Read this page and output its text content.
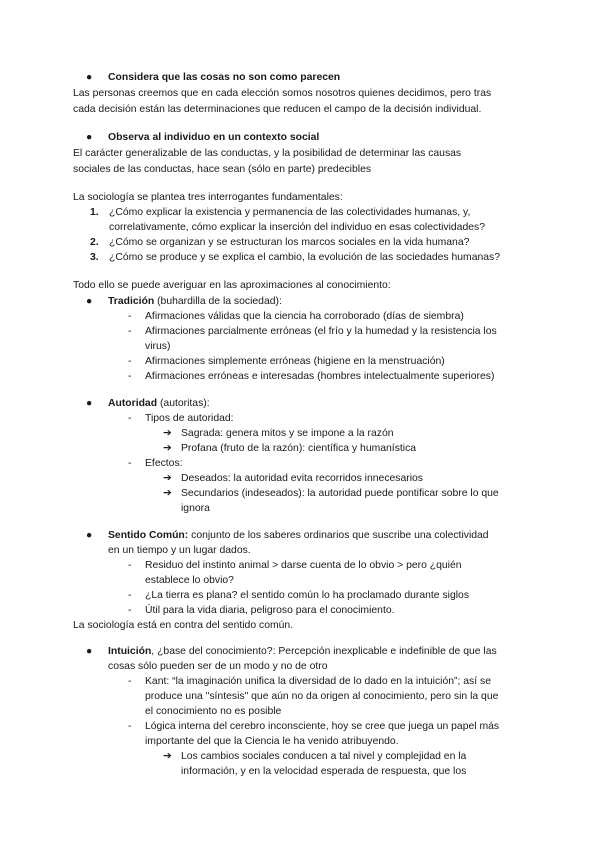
● Considera que las cosas no son como parecen
Las personas creemos que en cada elección somos nosotros quienes decidimos, pero tras
cada decisión están las determinaciones que reducen el campo de la decisión individual.
● Observa al individuo en un contexto social
El carácter generalizable de las conductas, y la posibilidad de determinar las causas
sociales de las conductas, hace sean (sólo en parte) predecibles
La sociología se plantea tres interrogantes fundamentales:
1. ¿Cómo explicar la existencia y permanencia de las colectividades humanas, y,
correlativamente, cómo explicar la inserción del individuo en esas colectividades?
2. ¿Cómo se organizan y se estructuran los marcos sociales en la vida humana?
3. ¿Cómo se produce y se explica el cambio, la evolución de las sociedades humanas?
Todo ello se puede averiguar en las aproximaciones al conocimiento:
● Tradición (buhardilla de la sociedad):
- Afirmaciones válidas que la ciencia ha corroborado (días de siembra)
- Afirmaciones parcialmente erróneas (el frío y la humedad y la resistencia los
virus)
- Afirmaciones simplemente erróneas (higiene en la menstruación)
- Afirmaciones erróneas e interesadas (hombres intelectualmente superiores)
● Autoridad (autoritas):
- Tipos de autoridad:
➔ Sagrada: genera mitos y se impone a la razón
➔ Profana (fruto de la razón): científica y humanística
- Efectos:
➔ Deseados: la autoridad evita recorridos innecesarios
➔ Secundarios (indeseados): la autoridad puede pontificar sobre lo que
ignora
● Sentido Común: conjunto de los saberes ordinarios que suscribe una colectividad
en un tiempo y un lugar dados.
- Residuo del instinto animal > darse cuenta de lo obvio > pero ¿quién
establece lo obvio?
- ¿La tierra es plana? el sentido común lo ha proclamado durante siglos
- Útil para la vida diaria, peligroso para el conocimiento.
La sociología está en contra del sentido común.
● Intuición, ¿base del conocimiento?: Percepción inexplicable e indefinible de que las
cosas sólo pueden ser de un modo y no de otro
- Kant: “la imaginación unifica la diversidad de lo dado en la intuición”; así se
produce una "síntesis" que aún no da origen al conocimiento, pero sin la que
el conocimiento no es posible
- Lógica interna del cerebro inconsciente, hoy se cree que juega un papel más
importante del que la Ciencia le ha venido atribuyendo.
➔ Los cambios sociales conducen a tal nivel y complejidad en la
información, y en la velocidad esperada de respuesta, que los
